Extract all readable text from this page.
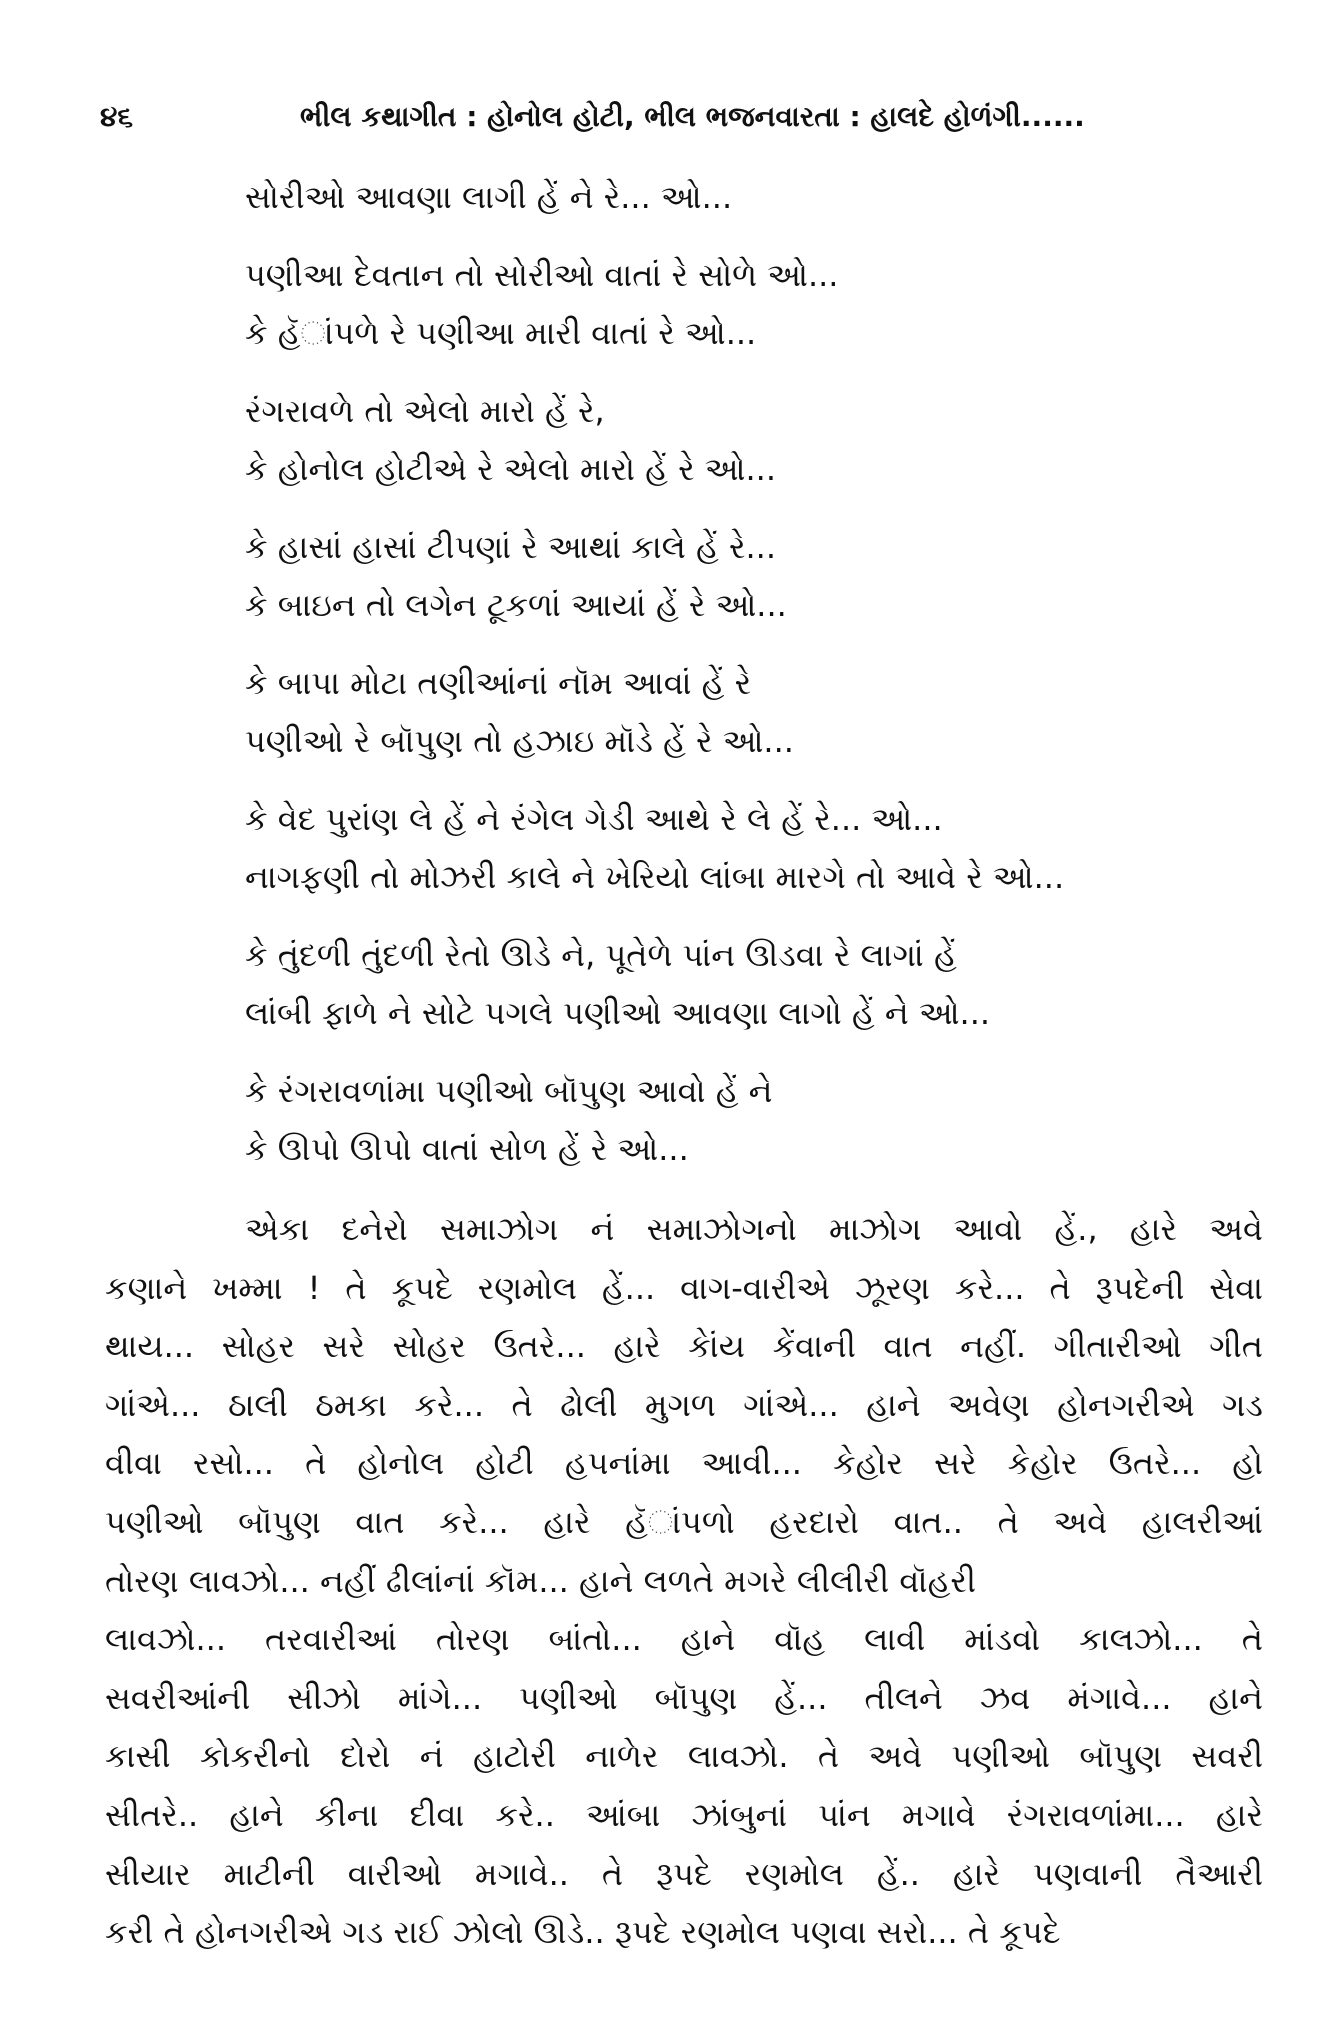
૪૬	ભીલ કથાગીત : હોનોલ હોટી, ભીલ ભજનવારતા : હાલદે હોળંગી......
સોરીઓ આવણા લાગી હેં ને રે... ઓ...
પણીઆ દેવતાન તો સોરીઓ વાતાં રે સોળે ઓ...
કે હૅાંપળે રે પણીઆ મારી વાતાં રે ઓ...
રંગરાવળે તો એલો મારો હેં રે,
કે હોનોલ હોટીએ રે એલો મારો હેં રે ઓ...
કે હાસાં હાસાં ટીપણાં રે આથાં કાલે હેં રે...
કે બાઇન તો લગેન ટૂકળાં આયાં હેં રે ઓ...
કે બાપા મોટા તણીઆંનાં નૉમ આવાં હેં રે
પણીઓ રે બૉપુણ તો હઝાઇ મૉડે હેં રે ઓ...
કે વેદ પુરાંણ લે હેં ને રંગેલ ગેડી આથે રે લે હેં રે... ઓ...
નાગફણી તો મોઝરી કાલે ને ખેરિયો લાંબા મારગે તો આવે રે ઓ...
કે તુંદળી તુંદળી રેતો ઊડે ને, પૂતેળે પાંન ઊડવા રે લાગાં હેં
લાંબી ફાળે ને સોટે પગલે પણીઓ આવણા લાગો હેં ને ઓ...
કે રંગરાવળાંમા પણીઓ બૉપુણ આવો હેં ને
કે ઊપો ઊપો વાતાં સોળ હેં રે ઓ...
એકા દનેરો સમાઝોગ નં સમાઝોગનો માઝોગ આવો હેં., હારે અવે
કણાને ખમ્મા ! તે કૂપદે રણમોલ હેં... વાગ-વારીએ ઝૂરણ કરે... તે રૂપદેની સેવા
થાય... સોહર સરે સોહર ઉતરે... હારે કેાંય કેંવાની વાત નહીં. ગીતારીઓ ગીત
ગાંએ... ઠાલી ઠમકા કરે... તે ઢોલી મુગળ ગાંએ... હાને અવેણ હોનગરીએ ગડ
વીવા રસો... તે હોનોલ હોટી હપનાંમા આવી... કેહોર સરે કેહોર ઉતરે... હો
પણીઓ બૉપુણ વાત કરે... હારે હૅાંપળો હરદારો વાત.. તે અવે હાલરીઆં
તોરણ લાવઝો... નહીં ઢીલાંનાં કૉમ... હાને લળતે મગરે લીલીરી વૉહરી
લાવઝો... તરવારીઆં તોરણ બાંતો... હાને વૉહ લાવી માંડવો કાલઝો... તે
સવરીઆંની સીઝો માંગે... પણીઓ બૉપુણ હેં... તીલને ઝવ મંગાવે... હાને
કાસી કોકરીનો દોરો નં હાટોરી નાળેર લાવઝો. તે અવે પણીઓ બૉપુણ સવરી
સીતરે.. હાને કીના દીવા કરે.. આંબા ઝાંબુનાં પાંન મગાવે રંગરાવળાંમા... હારે
સીયાર માટીની વારીઓ મગાવે.. તે રૂપદે રણમોલ હેં.. હારે પણવાની તૈઆરી
કરી તે હોનગરીએ ગડ રાઈ ઝોલો ઊડે.. રૂપદે રણમોલ પણવા સરો... તે કૂપદે
